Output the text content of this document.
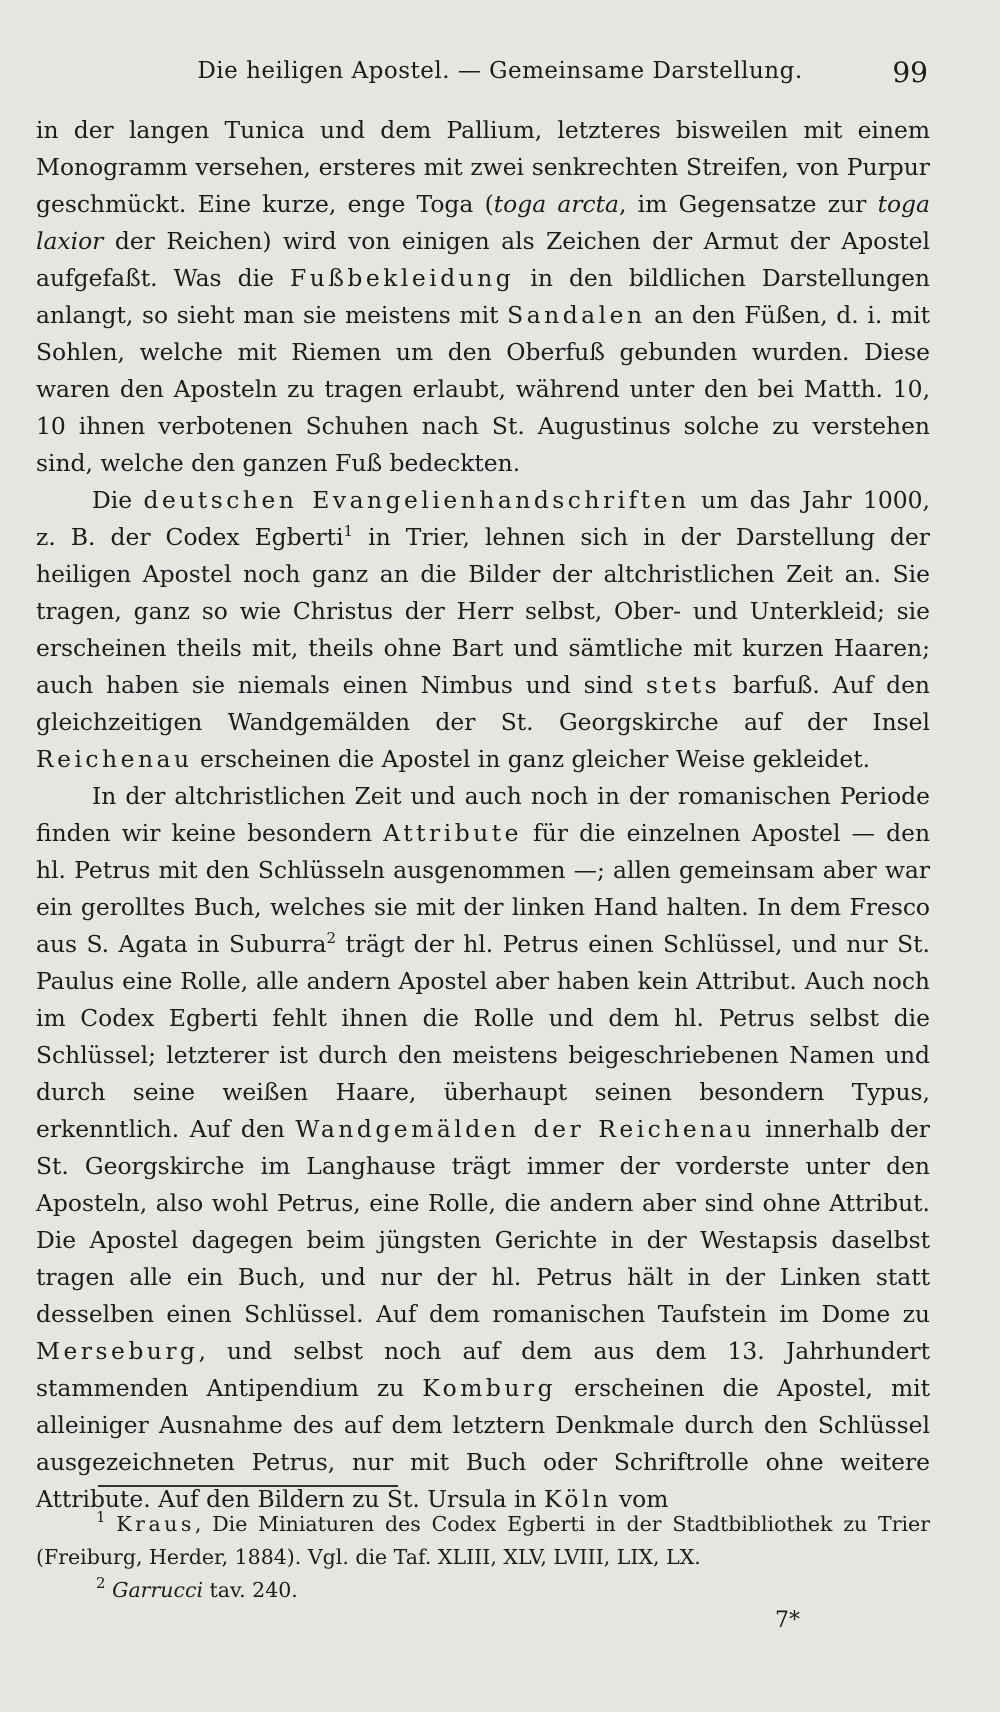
Die heiligen Apostel. — Gemeinsame Darstellung.	99

in der langen Tunica und dem Pallium, letzteres bisweilen mit einem Monogramm versehen, ersteres mit zwei senkrechten Streifen, von Purpur geschmückt. Eine kurze, enge Toga (toga arcta, im Gegensatze zur toga laxior der Reichen) wird von einigen als Zeichen der Armut der Apostel aufgefaßt. Was die Fußbekleidung in den bildlichen Darstellungen anlangt, so sieht man sie meistens mit Sandalen an den Füßen, d. i. mit Sohlen, welche mit Riemen um den Oberfuß gebunden wurden. Diese waren den Aposteln zu tragen erlaubt, während unter den bei Matth. 10, 10 ihnen verbotenen Schuhen nach St. Augustinus solche zu verstehen sind, welche den ganzen Fuß bedeckten.

Die deutschen Evangelienhandschriften um das Jahr 1000, z. B. der Codex Egberti$^1$ in Trier, lehnen sich in der Darstellung der heiligen Apostel noch ganz an die Bilder der altchristlichen Zeit an. Sie tragen, ganz so wie Christus der Herr selbst, Ober- und Unterkleid; sie erscheinen theils mit, theils ohne Bart und sämtliche mit kurzen Haaren; auch haben sie niemals einen Nimbus und sind stets barfuß. Auf den gleichzeitigen Wandgemälden der St. Georgskirche auf der Insel Reichenau erscheinen die Apostel in ganz gleicher Weise gekleidet.

In der altchristlichen Zeit und auch noch in der romanischen Periode finden wir keine besondern Attribute für die einzelnen Apostel — den hl. Petrus mit den Schlüsseln ausgenommen —; allen gemeinsam aber war ein gerolltes Buch, welches sie mit der linken Hand halten. In dem Fresco aus S. Agata in Suburra$^2$ trägt der hl. Petrus einen Schlüssel, und nur St. Paulus eine Rolle, alle andern Apostel aber haben kein Attribut. Auch noch im Codex Egberti fehlt ihnen die Rolle und dem hl. Petrus selbst die Schlüssel; letzterer ist durch den meistens beigeschriebenen Namen und durch seine weißen Haare, überhaupt seinen besondern Typus, erkenntlich. Auf den Wandgemälden der Reichenau innerhalb der St. Georgskirche im Langhause trägt immer der vorderste unter den Aposteln, also wohl Petrus, eine Rolle, die andern aber sind ohne Attribut. Die Apostel dagegen beim jüngsten Gerichte in der Westapsis daselbst tragen alle ein Buch, und nur der hl. Petrus hält in der Linken statt desselben einen Schlüssel. Auf dem romanischen Taufstein im Dome zu Merseburg, und selbst noch auf dem aus dem 13. Jahrhundert stammenden Antipendium zu Komburg erscheinen die Apostel, mit alleiniger Ausnahme des auf dem letztern Denkmale durch den Schlüssel ausgezeichneten Petrus, nur mit Buch oder Schriftrolle ohne weitere Attribute. Auf den Bildern zu St. Ursula in Köln vom

$^1$ Kraus, Die Miniaturen des Codex Egberti in der Stadtbibliothek zu Trier (Freiburg, Herder, 1884). Vgl. die Taf. XLIII, XLV, LVIII, LIX, LX.

$^2$ Garrucci tav. 240.

7*
